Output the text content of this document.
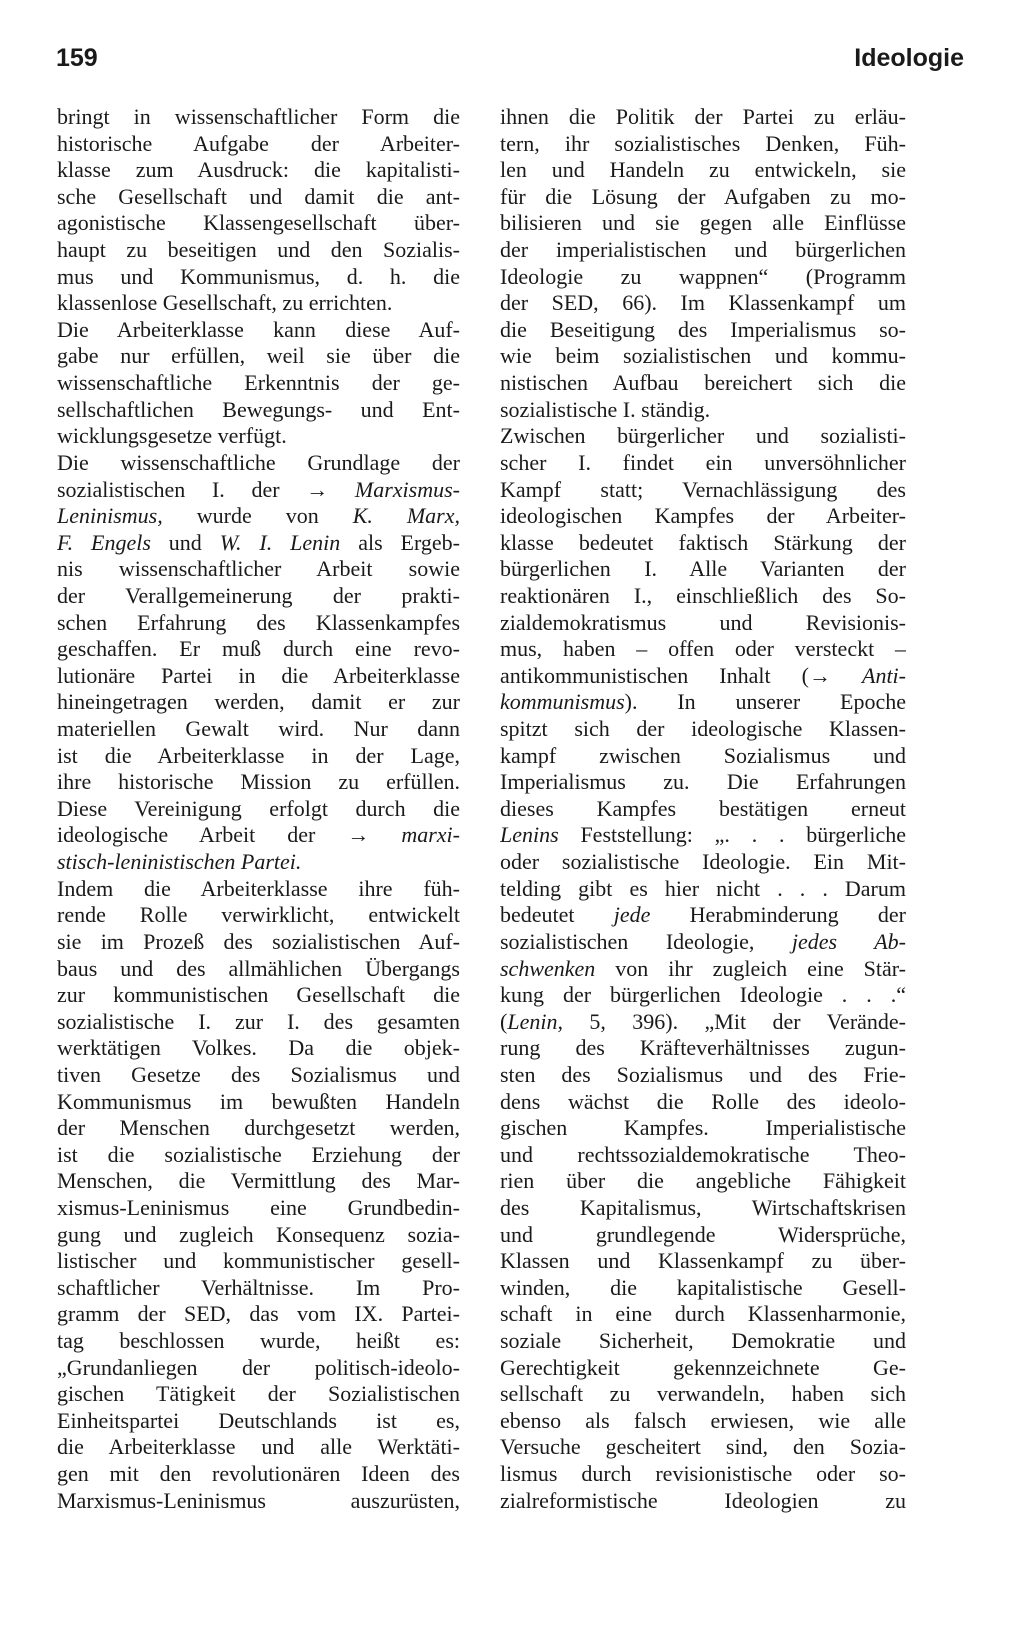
159	Ideologie
bringt in wissenschaftlicher Form die
historische Aufgabe der Arbeiter-
klasse zum Ausdruck: die kapitalisti-
sche Gesellschaft und damit die ant-
agonistische Klassengesellschaft über-
haupt zu beseitigen und den Sozialis-
mus und Kommunismus, d. h. die
klassenlose Gesellschaft, zu errichten.
Die Arbeiterklasse kann diese Auf-
gabe nur erfüllen, weil sie über die
wissenschaftliche Erkenntnis der ge-
sellschaftlichen Bewegungs- und Ent-
wicklungsgesetze verfügt.
Die wissenschaftliche Grundlage der
sozialistischen I. der → Marxismus-
Leninismus, wurde von K. Marx,
F. Engels und W. I. Lenin als Ergeb-
nis wissenschaftlicher Arbeit sowie
der Verallgemeinerung der prakti-
schen Erfahrung des Klassenkampfes
geschaffen. Er muß durch eine revo-
lutionäre Partei in die Arbeiterklasse
hineingetragen werden, damit er zur
materiellen Gewalt wird. Nur dann
ist die Arbeiterklasse in der Lage,
ihre historische Mission zu erfüllen.
Diese Vereinigung erfolgt durch die
ideologische Arbeit der → marxi-
stisch-leninistischen Partei.
Indem die Arbeiterklasse ihre füh-
rende Rolle verwirklicht, entwickelt
sie im Prozeß des sozialistischen Auf-
baus und des allmählichen Übergangs
zur kommunistischen Gesellschaft die
sozialistische I. zur I. des gesamten
werktätigen Volkes. Da die objek-
tiven Gesetze des Sozialismus und
Kommunismus im bewußten Handeln
der Menschen durchgesetzt werden,
ist die sozialistische Erziehung der
Menschen, die Vermittlung des Mar-
xismus-Leninismus eine Grundbedin-
gung und zugleich Konsequenz sozia-
listischer und kommunistischer gesell-
schaftlicher Verhältnisse. Im Pro-
gramm der SED, das vom IX. Partei-
tag beschlossen wurde, heißt es:
„Grundanliegen der politisch-ideolo-
gischen Tätigkeit der Sozialistischen
Einheitspartei Deutschlands ist es,
die Arbeiterklasse und alle Werktäti-
gen mit den revolutionären Ideen des
Marxismus-Leninismus auszurüsten,
ihnen die Politik der Partei zu erläu-
tern, ihr sozialistisches Denken, Füh-
len und Handeln zu entwickeln, sie
für die Lösung der Aufgaben zu mo-
bilisieren und sie gegen alle Einflüsse
der imperialistischen und bürgerlichen
Ideologie zu wappnen“ (Programm
der SED, 66). Im Klassenkampf um
die Beseitigung des Imperialismus so-
wie beim sozialistischen und kommu-
nistischen Aufbau bereichert sich die
sozialistische I. ständig.
Zwischen bürgerlicher und sozialisti-
scher I. findet ein unversöhnlicher
Kampf statt; Vernachlässigung des
ideologischen Kampfes der Arbeiter-
klasse bedeutet faktisch Stärkung der
bürgerlichen I. Alle Varianten der
reaktionären I., einschließlich des So-
zialdemokratismus und Revisionis-
mus, haben – offen oder versteckt –
antikommunistischen Inhalt (→ Anti-
kommunismus). In unserer Epoche
spitzt sich der ideologische Klassen-
kampf zwischen Sozialismus und
Imperialismus zu. Die Erfahrungen
dieses Kampfes bestätigen erneut
Lenins Feststellung: „. . . bürgerliche
oder sozialistische Ideologie. Ein Mit-
telding gibt es hier nicht . . . Darum
bedeutet jede Herabminderung der
sozialistischen Ideologie, jedes Ab-
schwenken von ihr zugleich eine Stär-
kung der bürgerlichen Ideologie . . .“
(Lenin, 5, 396). „Mit der Verände-
rung des Kräfteverhältnisses zugun-
sten des Sozialismus und des Frie-
dens wächst die Rolle des ideolo-
gischen Kampfes. Imperialistische
und rechtssozialdemokratische Theo-
rien über die angebliche Fähigkeit
des Kapitalismus, Wirtschaftskrisen
und grundlegende Widersprüche,
Klassen und Klassenkampf zu über-
winden, die kapitalistische Gesell-
schaft in eine durch Klassenharmonie,
soziale Sicherheit, Demokratie und
Gerechtigkeit gekennzeichnete Ge-
sellschaft zu verwandeln, haben sich
ebenso als falsch erwiesen, wie alle
Versuche gescheitert sind, den Sozia-
lismus durch revisionistische oder so-
zialreformistische Ideologien zu
